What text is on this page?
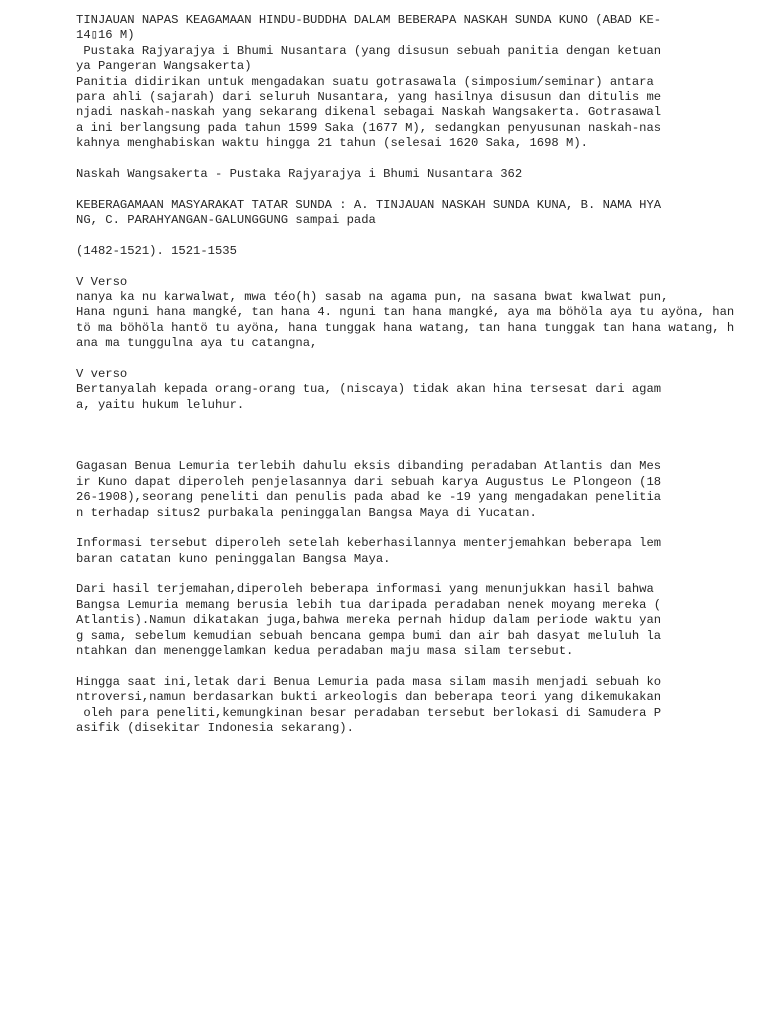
TINJAUAN NAPAS KEAGAMAAN HINDU-BUDDHA DALAM BEBERAPA NASKAH SUNDA KUNO (ABAD KE-
14▯16 M)
Pustaka Rajyarajya i Bhumi Nusantara (yang disusun sebuah panitia dengan ketuan
ya Pangeran Wangsakerta)
Panitia didirikan untuk mengadakan suatu gotrasawala (simposium/seminar) antara
para ahli (sajarah) dari seluruh Nusantara, yang hasilnya disusun dan ditulis me
njadi naskah-naskah yang sekarang dikenal sebagai Naskah Wangsakerta. Gotrasawal
a ini berlangsung pada tahun 1599 Saka (1677 M), sedangkan penyusunan naskah-nas
kahnya menghabiskan waktu hingga 21 tahun (selesai 1620 Saka, 1698 M).
Naskah Wangsakerta - Pustaka Rajyarajya i Bhumi Nusantara 362
KEBERAGAMAAN MASYARAKAT TATAR SUNDA : A. TINJAUAN NASKAH SUNDA KUNA, B. NAMA HYA
NG, C. PARAHYANGAN-GALUNGGUNG sampai pada
(1482-1521). 1521-1535
V Verso
nanya ka nu karwalwat, mwa téo(h) sasab na agama pun, na sasana bwat kwalwat pun,
Hana nguni hana mangké, tan hana 4. nguni tan hana mangké, aya ma böhöla aya tu ayöna, han
tö ma böhöla hantö tu ayöna, hana tunggak hana watang, tan hana tunggak tan hana watang, h
ana ma tunggulna aya tu catangna,
V verso
Bertanyalah kepada orang-orang tua, (niscaya) tidak akan hina tersesat dari agam
a, yaitu hukum leluhur.
Gagasan Benua Lemuria terlebih dahulu eksis dibanding peradaban Atlantis dan Mes
ir Kuno dapat diperoleh penjelasannya dari sebuah karya Augustus Le Plongeon (18
26-1908),seorang peneliti dan penulis pada abad ke -19 yang mengadakan penelitia
n terhadap situs2 purbakala peninggalan Bangsa Maya di Yucatan.
Informasi tersebut diperoleh setelah keberhasilannya menterjemahkan beberapa lem
baran catatan kuno peninggalan Bangsa Maya.
Dari hasil terjemahan,diperoleh beberapa informasi yang menunjukkan hasil bahwa
Bangsa Lemuria memang berusia lebih tua daripada peradaban nenek moyang mereka (
Atlantis).Namun dikatakan juga,bahwa mereka pernah hidup dalam periode waktu yan
g sama, sebelum kemudian sebuah bencana gempa bumi dan air bah dasyat meluluh la
ntahkan dan menenggelamkan kedua peradaban maju masa silam tersebut.
Hingga saat ini,letak dari Benua Lemuria pada masa silam masih menjadi sebuah ko
ntroversi,namun berdasarkan bukti arkeologis dan beberapa teori yang dikemukakan
oleh para peneliti,kemungkinan besar peradaban tersebut berlokasi di Samudera P
asifik (disekitar Indonesia sekarang).
